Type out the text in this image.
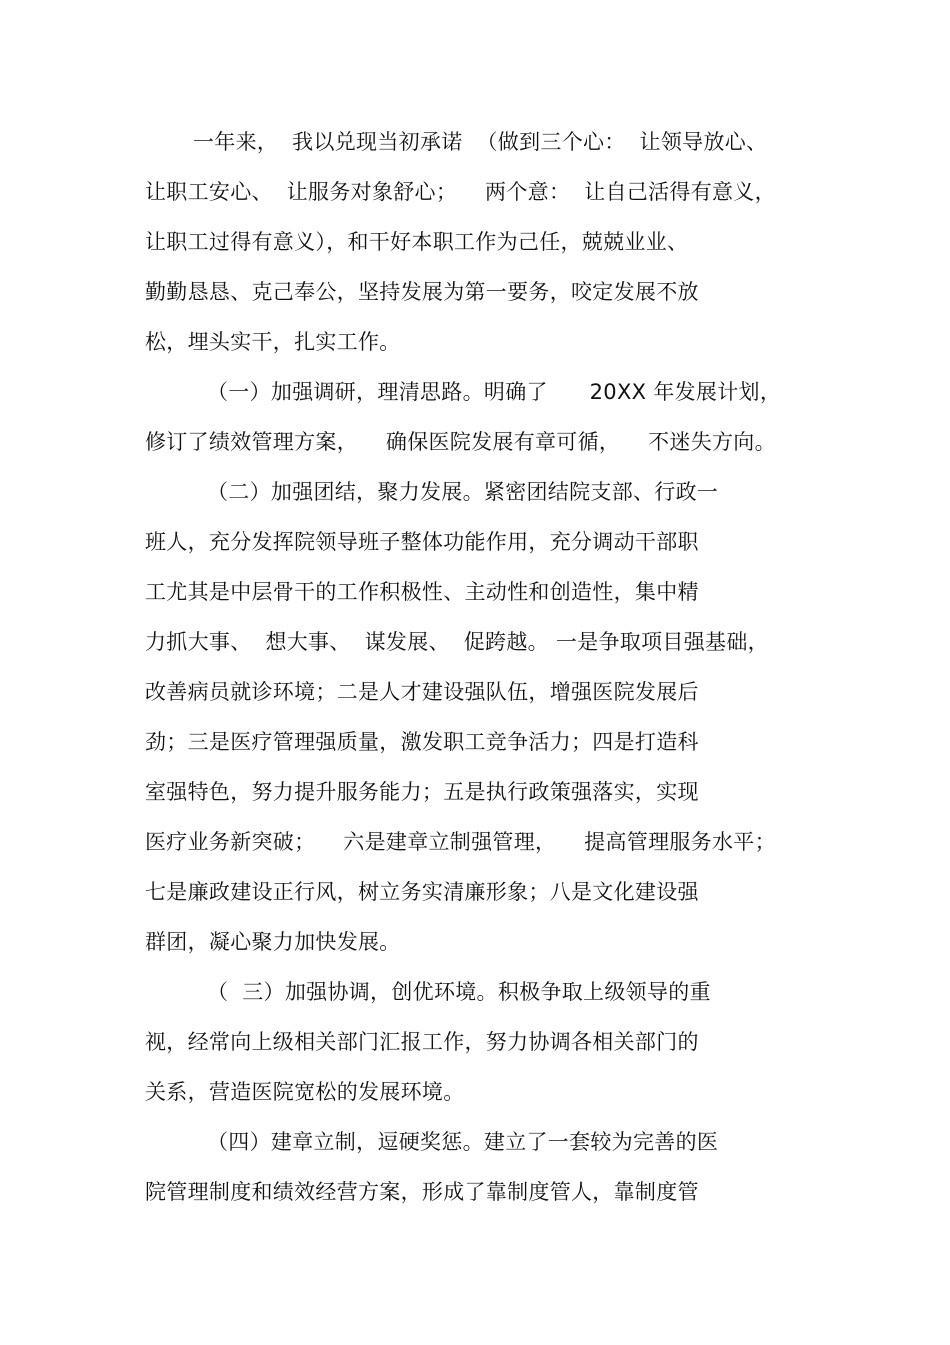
一年来，  我以兑现当初承诺  （做到三个心：  让领导放心、
让职工安心、  让服务对象舒心；    两个意：  让自己活得有意义，
让职工过得有意义），和干好本职工作为己任，兢兢业业、
勤勤恳恳、克己奉公，坚持发展为第一要务，咬定发展不放
松，埋头实干，扎实工作。
（一）加强调研，理清思路。明确了      20XX 年发展计划，
修订了绩效管理方案，    确保医院发展有章可循，    不迷失方向。
（二）加强团结，聚力发展。紧密团结院支部、行政一
班人，充分发挥院领导班子整体功能作用，充分调动干部职
工尤其是中层骨干的工作积极性、主动性和创造性，集中精
力抓大事、  想大事、  谋发展、  促跨越。 一是争取项目强基础，
改善病员就诊环境；二是人才建设强队伍，增强医院发展后
劲；三是医疗管理强质量，激发职工竞争活力；四是打造科
室强特色，努力提升服务能力；五是执行政策强落实，实现
医疗业务新突破；    六是建章立制强管理，    提高管理服务水平；
七是廉政建设正行风，树立务实清廉形象；八是文化建设强
群团，凝心聚力加快发展。
（  三）加强协调，创优环境。积极争取上级领导的重
视，经常向上级相关部门汇报工作，努力协调各相关部门的
关系，营造医院宽松的发展环境。
（四）建章立制，逗硬奖惩。建立了一套较为完善的医
院管理制度和绩效经营方案，形成了靠制度管人，靠制度管
